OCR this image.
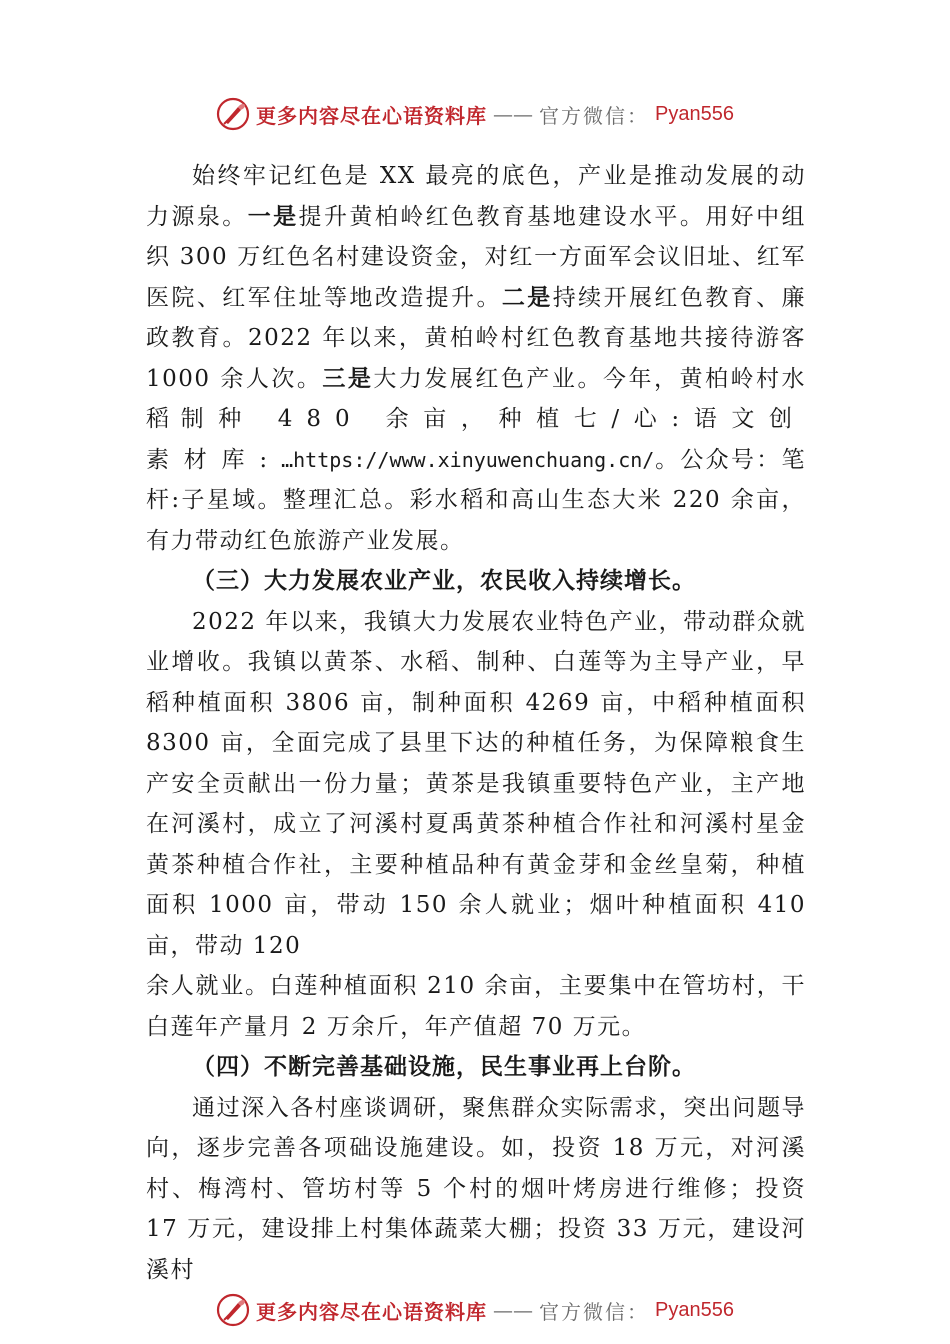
更多内容尽在心语资料库 —— 官方微信： Pyan556

始终牢记红色是 XX 最亮的底色，产业是推动发展的动力源泉。一是提升黄柏岭红色教育基地建设水平。用好中组织 300 万红色名村建设资金，对红一方面军会议旧址、红军医院、红军住址等地改造提升。二是持续开展红色教育、廉政教育。2022 年以来，黄柏岭村红色教育基地共接待游客 1000 余人次。三是大力发展红色产业。今年，黄柏岭村水稻 制种 480 余亩，种植七/心:语文创素材库:…https://www.xinyuwenchuang.cn/。公众号：笔杆:子星域。整理汇总。彩水稻和高山生态大米 220 余亩，有力带动红色旅游产业发展。

（三）大力发展农业产业，农民收入持续增长。

2022 年以来，我镇大力发展农业特色产业，带动群众就业增收。我镇以黄茶、水稻、制种、白莲等为主导产业，早稻种植面积 3806 亩，制种面积 4269 亩，中稻种植面积 8300 亩，全面完成了县里下达的种植任务，为保障粮食生产安全贡献出一份力量；黄茶是我镇重要特色产业，主产地在河溪村，成立了河溪村夏禹黄茶种植合作社和河溪村星金黄茶种植合作社，主要种植品种有黄金芽和金丝皇菊，种植面积 1000 亩，带动 150 余人就业；烟叶种植面积 410 亩，带动 120

余人就业。白莲种植面积 210 余亩，主要集中在管坊村，干白莲年产量月 2 万余斤，年产值超 70 万元。

（四）不断完善基础设施，民生事业再上台阶。

通过深入各村座谈调研，聚焦群众实际需求，突出问题导向，逐步完善各项础设施建设。如，投资 18 万元，对河溪村、梅湾村、管坊村等 5 个村的烟叶烤房进行维修；投资 17 万元，建设排上村集体蔬菜大棚；投资 33 万元，建设河溪村

更多内容尽在心语资料库 —— 官方微信： Pyan556
